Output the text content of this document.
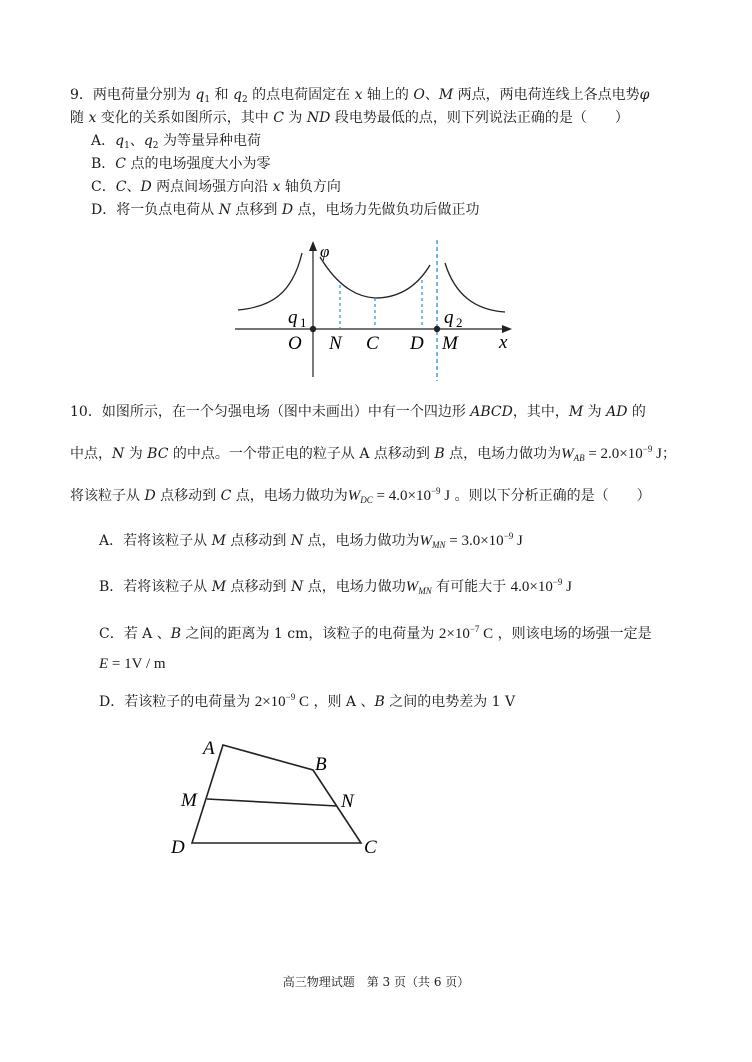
9．两电荷量分别为 $q_1$ 和 $q_2$ 的点电荷固定在 x 轴上的 O、M 两点，两电荷连线上各点电势φ
随 x 变化的关系如图所示，其中 C 为 ND 段电势最低的点，则下列说法正确的是（　　）
A．$q_1$、$q_2$ 为等量异种电荷
B．C 点的电场强度大小为零
C．C、D 两点间场强方向沿 x 轴负方向
D．将一负点电荷从 N 点移到 D 点，电场力先做负功后做正功
φ
x
q 1	q 2
O N C D M
10．如图所示，在一个匀强电场（图中未画出）中有一个四边形 ABCD，其中，M 为 AD 的
中点，N 为 BC 的中点。一个带正电的粒子从 A 点移动到 B 点，电场力做功为$W_{AB} = 2.0\times 10^{-9}$ J；
将该粒子从 D 点移动到 C 点，电场力做功为$W_{DC} = 4.0\times 10^{-9}$ J 。则以下分析正确的是（　　）
A．若将该粒子从 M 点移动到 N 点，电场力做功为$W_{MN} = 3.0\times 10^{-9}$ J
B．若将该粒子从 M 点移动到 N 点，电场力做功$W_{MN}$ 有可能大于 $4.0\times 10^{-9}$ J
C．若 A 、B 之间的距离为 1 cm，该粒子的电荷量为 $2\times 10^{-7}$ C ，则该电场的场强一定是
E = 1V / m
D．若该粒子的电荷量为 $2\times 10^{-9}$ C ，则 A 、B 之间的电势差为 1 V
A
B
M	N
D	C
高三物理试题　第 3 页（共 6 页）
